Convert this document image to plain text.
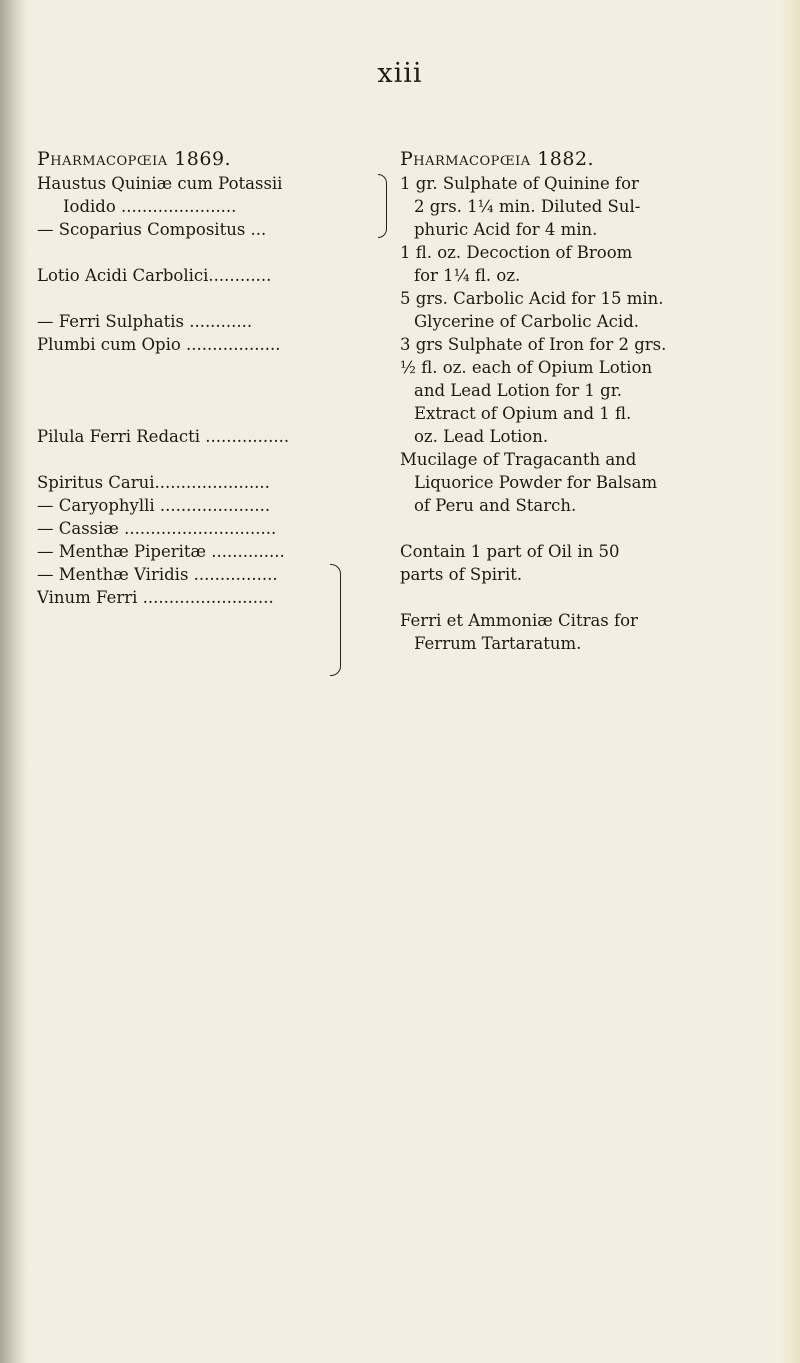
xiii
Pharmacopœia 1869.	Pharmacopœia 1882.
Haustus Quiniæ cum Potassii
Iodido ......................
— Scoparius Compositus ...
Lotio Acidi Carbolici............
— Ferri Sulphatis ............
Plumbi cum Opio ..................
Pilula Ferri Redacti ................
Spiritus Carui......................
— Caryophylli .....................
— Cassiæ .............................
— Menthæ Piperitæ ..............
— Menthæ Viridis ................
Vinum Ferri .........................
1 gr. Sulphate of Quinine for
2 grs. 1¼ min. Diluted Sul-
phuric Acid for 4 min.
1 fl. oz. Decoction of Broom
for 1¼ fl. oz.
5 grs. Carbolic Acid for 15 min.
Glycerine of Carbolic Acid.
3 grs Sulphate of Iron for 2 grs.
½ fl. oz. each of Opium Lotion
and Lead Lotion for 1 gr.
Extract of Opium and 1 fl.
oz. Lead Lotion.
Mucilage of Tragacanth and
Liquorice Powder for Balsam
of Peru and Starch.
Contain 1 part of Oil in 50
parts of Spirit.
Ferri et Ammoniæ Citras for
Ferrum Tartaratum.
